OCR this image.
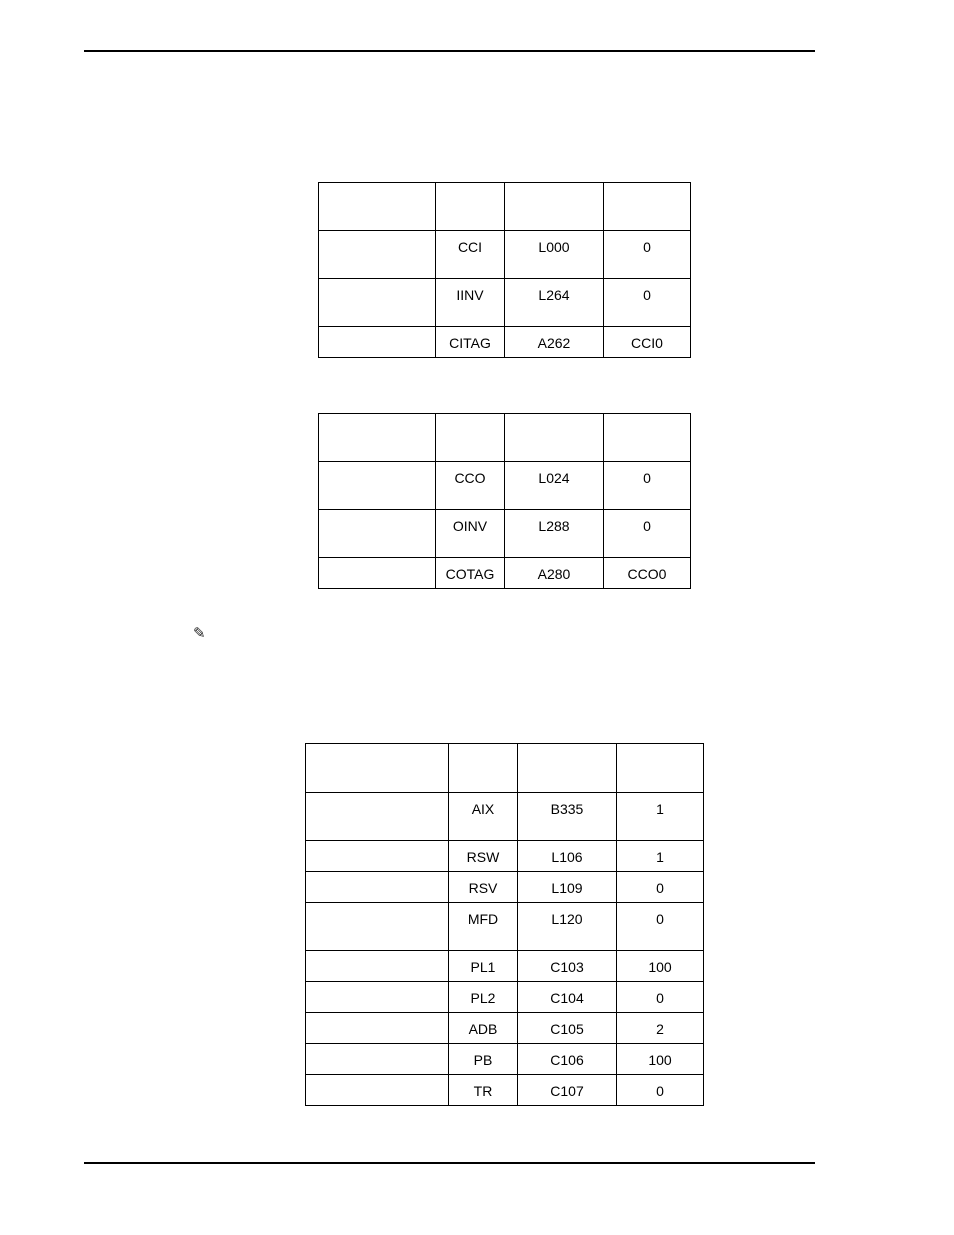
	CCI	L000	0
	IINV	L264	0
	CITAG	A262	CCI0

	CCO	L024	0
	OINV	L288	0
	COTAG	A280	CCO0
✎

	AIX	B335	1
	RSW	L106	1
	RSV	L109	0
	MFD	L120	0
	PL1	C103	100
	PL2	C104	0
	ADB	C105	2
	PB	C106	100
	TR	C107	0
